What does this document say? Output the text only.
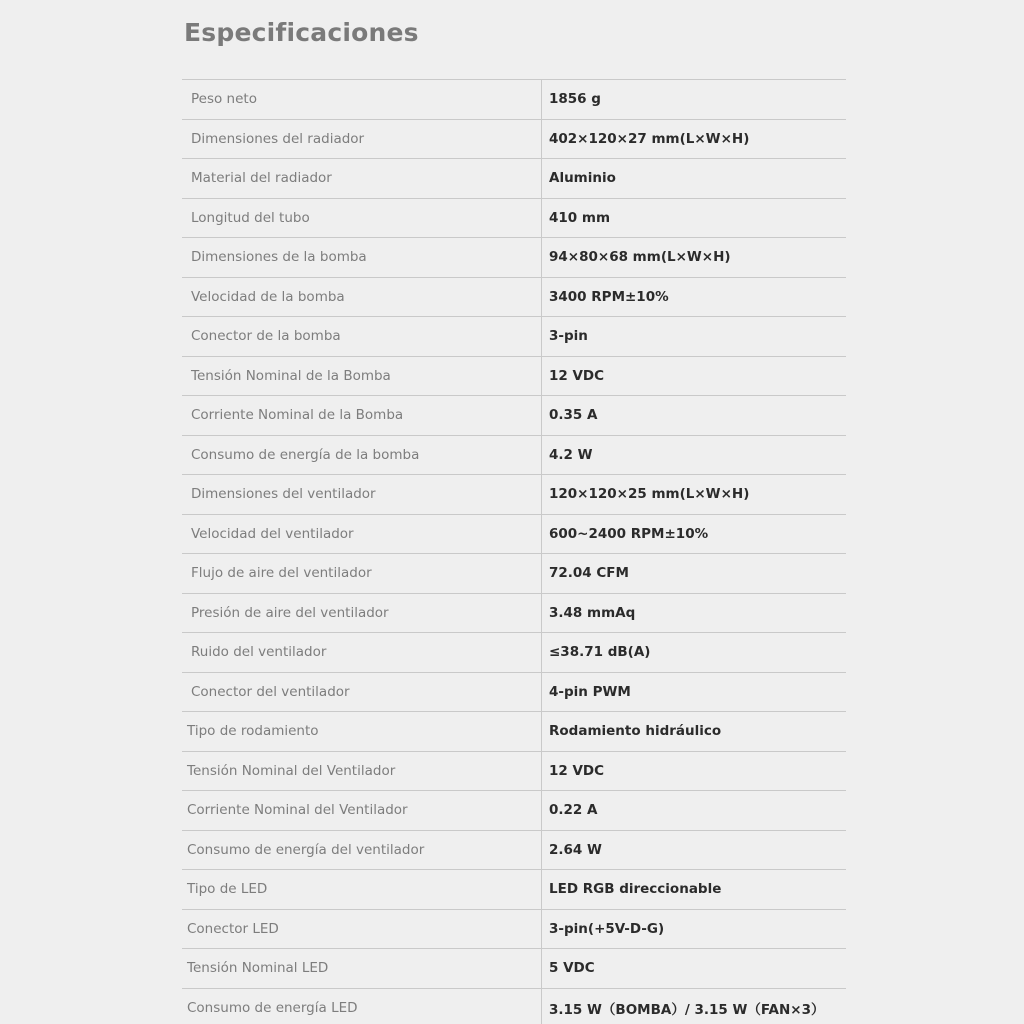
Especificaciones
Peso neto	1856 g
Dimensiones del radiador	402×120×27 mm(L×W×H)
Material del radiador	Aluminio
Longitud del tubo	410 mm
Dimensiones de la bomba	94×80×68 mm(L×W×H)
Velocidad de la bomba	3400 RPM±10%
Conector de la bomba	3-pin
Tensión Nominal de la Bomba	12 VDC
Corriente Nominal de la Bomba	0.35 A
Consumo de energía de la bomba	4.2 W
Dimensiones del ventilador	120×120×25 mm(L×W×H)
Velocidad del ventilador	600~2400 RPM±10%
Flujo de aire del ventilador	72.04 CFM
Presión de aire del ventilador	3.48 mmAq
Ruido del ventilador	≤38.71 dB(A)
Conector del ventilador	4-pin PWM
Tipo de rodamiento	Rodamiento hidráulico
Tensión Nominal del Ventilador	12 VDC
Corriente Nominal del Ventilador	0.22 A
Consumo de energía del ventilador	2.64 W
Tipo de LED	LED RGB direccionable
Conector LED	3-pin(+5V-D-G)
Tensión Nominal LED	5 VDC
Consumo de energía LED	3.15 W（BOMBA）/ 3.15 W（FAN×3）
